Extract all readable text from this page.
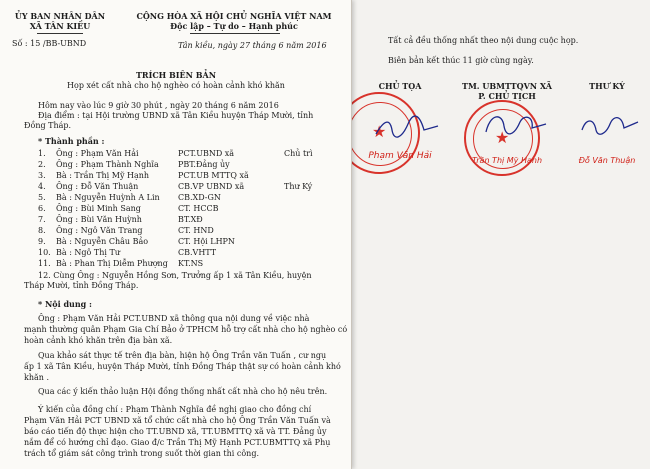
ỦY BAN NHÂN DÂN
XÃ TÂN KIỀU
Số : 15 /BB-UBND
CỘNG HÒA XÃ HỘI CHỦ NGHĨA VIỆT NAM
Độc lập – Tự do – Hạnh phúc
Tân kiều, ngày 27 tháng 6 năm 2016
TRÍCH BIÊN BẢN
Họp xét cất nhà cho hộ nghèo có hoàn cảnh khó khăn
Hôm nay vào lúc 9 giờ 30 phút , ngày 20 tháng 6 năm 2016
Địa điểm : tại Hội trường UBND xã Tân Kiều huyện Tháp Mười, tỉnh
Đồng Tháp.
* Thành phần :
1. Ông : Phạm Văn Hải	PCT.UBND xã	Chủ trì
2. Ông : Phạm Thành Nghĩa PBT.Đảng ủy
3. Bà : Trần Thị Mỹ Hạnh	PCT.UB MTTQ xã
4. Ông : Đỗ Văn Thuận	CB.VP UBND xã	Thư Ký
5. Bà : Nguyễn Huỳnh A Lin CB.XD-GN
6. Ông : Bùi Minh Sang	CT. HCCB
7. Ông : Bùi Văn Huỳnh	BT.XĐ
8. Ông : Ngô Văn Trang	CT. HND
9. Bà : Nguyễn Châu Bảo	CT. Hội LHPN
10. Bà : Ngô Thị Tư	CB.VHTT
11. Bà : Phan Thị Diễm Phượng KT.NS
12. Cùng Ông : Nguyễn Hồng Sơn, Trưởng ấp 1 xã Tân Kiều, huyện
Tháp Mười, tỉnh Đồng Tháp.
* Nội dung :
Ông : Phạm Văn Hải PCT.UBND xã thông qua nội dung về việc nhà
mạnh thường quân Phạm Gia Chí Bảo ở TPHCM hỗ trợ cất nhà cho hộ nghèo có
hoàn cảnh khó khăn trên địa bàn xã.
Qua khảo sát thực tế trên địa bàn, hiện hộ Ông Trần văn Tuấn , cư ngụ
ấp 1 xã Tân Kiều, huyện Tháp Mười, tỉnh Đồng Tháp thật sự có hoàn cảnh khó
khăn .
Qua các ý kiến thảo luận Hội đồng thống nhất cất nhà cho hộ nêu trên.
Ý kiến của đồng chí : Phạm Thành Nghĩa đề nghị giao cho đồng chí
Phạm Văn Hải PCT UBND xã tổ chức cất nhà cho hộ Ông Trần Văn Tuấn và
báo cáo tiến độ thực hiện cho TT.UBND xã, TT.UBMTTQ xã và TT. Đảng ủy
nắm để có hướng chỉ đạo. Giao đ/c Trần Thị Mỹ Hạnh PCT.UBMTTQ xã Phụ
trách tổ giám sát công trình trong suốt thời gian thi công.
Tất cả đều thống nhất theo nội dung cuộc họp.
Biên bản kết thúc 11 giờ cùng ngày.
CHỦ TỌA
★
Phạm Văn Hải
TM. UBMTTQVN XÃ
P. CHỦ TỊCH
★
Trần Thị Mỹ Hạnh
THƯ KÝ
Đỗ Văn Thuận
